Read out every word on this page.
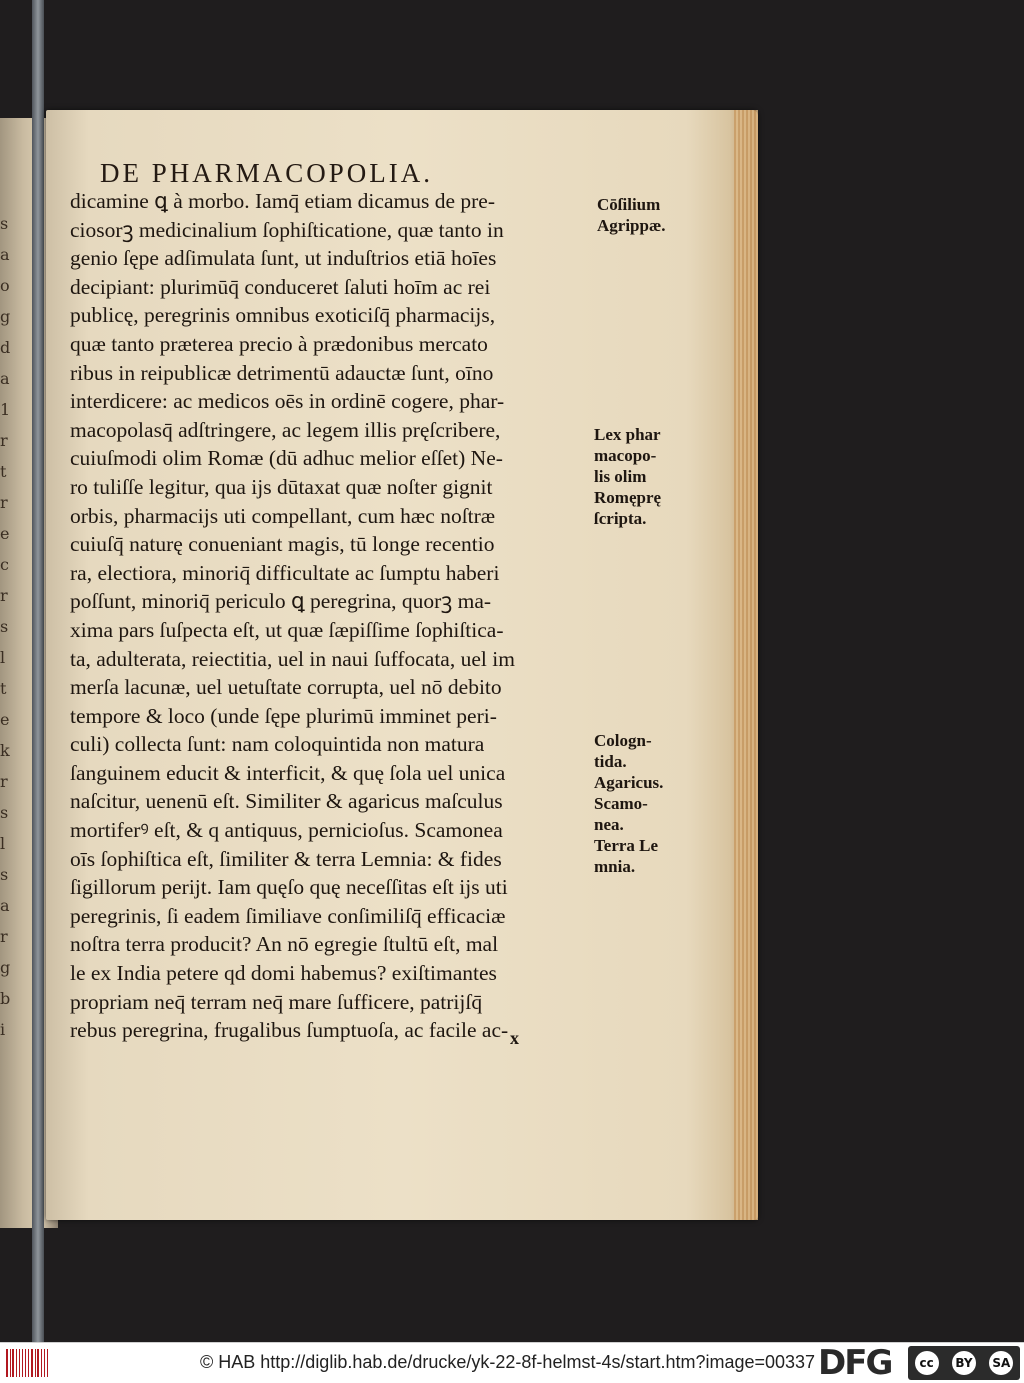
s
a
o
g
d
a
1
r
t
r
e
c
r
s
l
t
e
k
r
s
l
s
a
r
g
b
i
DE PHARMACOPOLIA.
dicamine ꝗ à morbo. Iamq̄ etiam dicamus de pre-
ciosorꝫ medicinalium ſophiſticatione, quæ tanto in
genio ſępe adſimulata ſunt, ut induſtrios etiā hoīes
decipiant: plurimūq̄ conduceret ſaluti hoīm ac rei
publicę, peregrinis omnibus exoticiſq̄ pharmacijs,
quæ tanto præterea precio à prædonibus mercato
ribus in reipublicæ detrimentū adauctæ ſunt, oīno
interdicere: ac medicos oēs in ordinē cogere, phar-
macopolasq̄ adſtringere, ac legem illis pręſcribere,
cuiuſmodi olim Romæ (dū adhuc melior eſſet) Ne-
ro tuliſſe legitur, qua ijs dūtaxat quæ noſter gignit
orbis, pharmacijs uti compellant, cum hæc noſtræ
cuiuſq̄ naturę conueniant magis, tū longe recentio
ra, electiora, minoriq̄ difficultate ac ſumptu haberi
poſſunt, minoriq̄ periculo ꝗ peregrina, quorꝫ ma-
xima pars ſuſpecta eſt, ut quæ ſæpiſſime ſophiſtica-
ta, adulterata, reiectitia, uel in naui ſuffocata, uel im
merſa lacunæ, uel uetuſtate corrupta, uel nō debito
tempore & loco (unde ſępe plurimū imminet peri-
culi) collecta ſunt: nam coloquintida non matura
ſanguinem educit & interficit, & quę ſola uel unica
naſcitur, uenenū eſt. Similiter & agaricus maſculus
mortiferꝰ eſt, & q antiquus, pernicioſus. Scamonea
oīs ſophiſtica eſt, ſimiliter & terra Lemnia: & fides
ſigillorum perijt. Iam quęſo quę neceſſitas eſt ijs uti
peregrinis, ſi eadem ſimiliave conſimiliſq̄ efficaciæ
noſtra terra producit? An nō egregie ſtultū eſt, mal
le ex India petere qd domi habemus? exiſtimantes
propriam neq̄ terram neq̄ mare ſufficere, patrijſq̄
rebus peregrina, frugalibus ſumptuoſa, ac facile ac-
Cōſilium
Agrippæ.
Lex phar
macopo-
lis olim
Romęprę
ſcripta.
Cologn-
tida.
Agaricus.
Scamo-
nea.
Terra Le
mnia.
x
© HAB http://diglib.hab.de/drucke/yk-22-8f-helmst-4s/start.htm?image=00337 DFG	cc	BY SA
